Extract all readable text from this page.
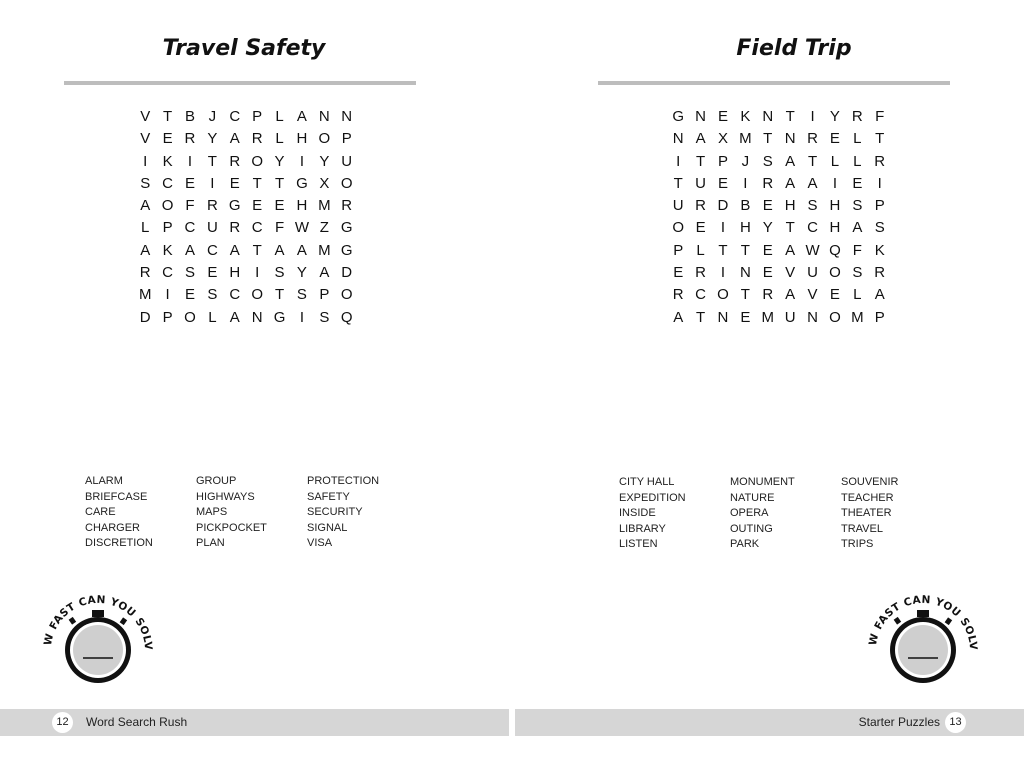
Travel Safety
V T B J C P L A N N
V E R Y A R L H O P
I	K	I	T R O Y	I	Y U
S C E	I	E T T G X O
A O F R G E E H M R
L P C U R C F W Z G
A K A C A T A A M G
R C S E H I	S Y A D
M I	E S C O T S P O
D P O L A N G I	S Q
ALARM
BRIEFCASE
CARE
CHARGER
DISCRETION
GROUP
HIGHWAYS
MAPS
PICKPOCKET
PLAN
PROTECTION
SAFETY
SECURITY
SIGNAL
VISA
W FAST CAN YOU SOLV
12	Word Search Rush
Field Trip
G N E K N T	I	Y R F
N A X M T N R E L T
I	T P J S A T L L R
T U E	I R A A	I	E	I
U R D B E H S H S P
O E	I H Y T C H A S
P L T T E A W Q F K
E R I N E V U O S R
R C O T R A V E L A
A T N E M U N O M P
CITY HALL
EXPEDITION
INSIDE
LIBRARY
LISTEN
MONUMENT
NATURE
OPERA
OUTING
PARK
SOUVENIR
TEACHER
THEATER
TRAVEL
TRIPS
W FAST CAN YOU SOLV
Starter Puzzles 13
